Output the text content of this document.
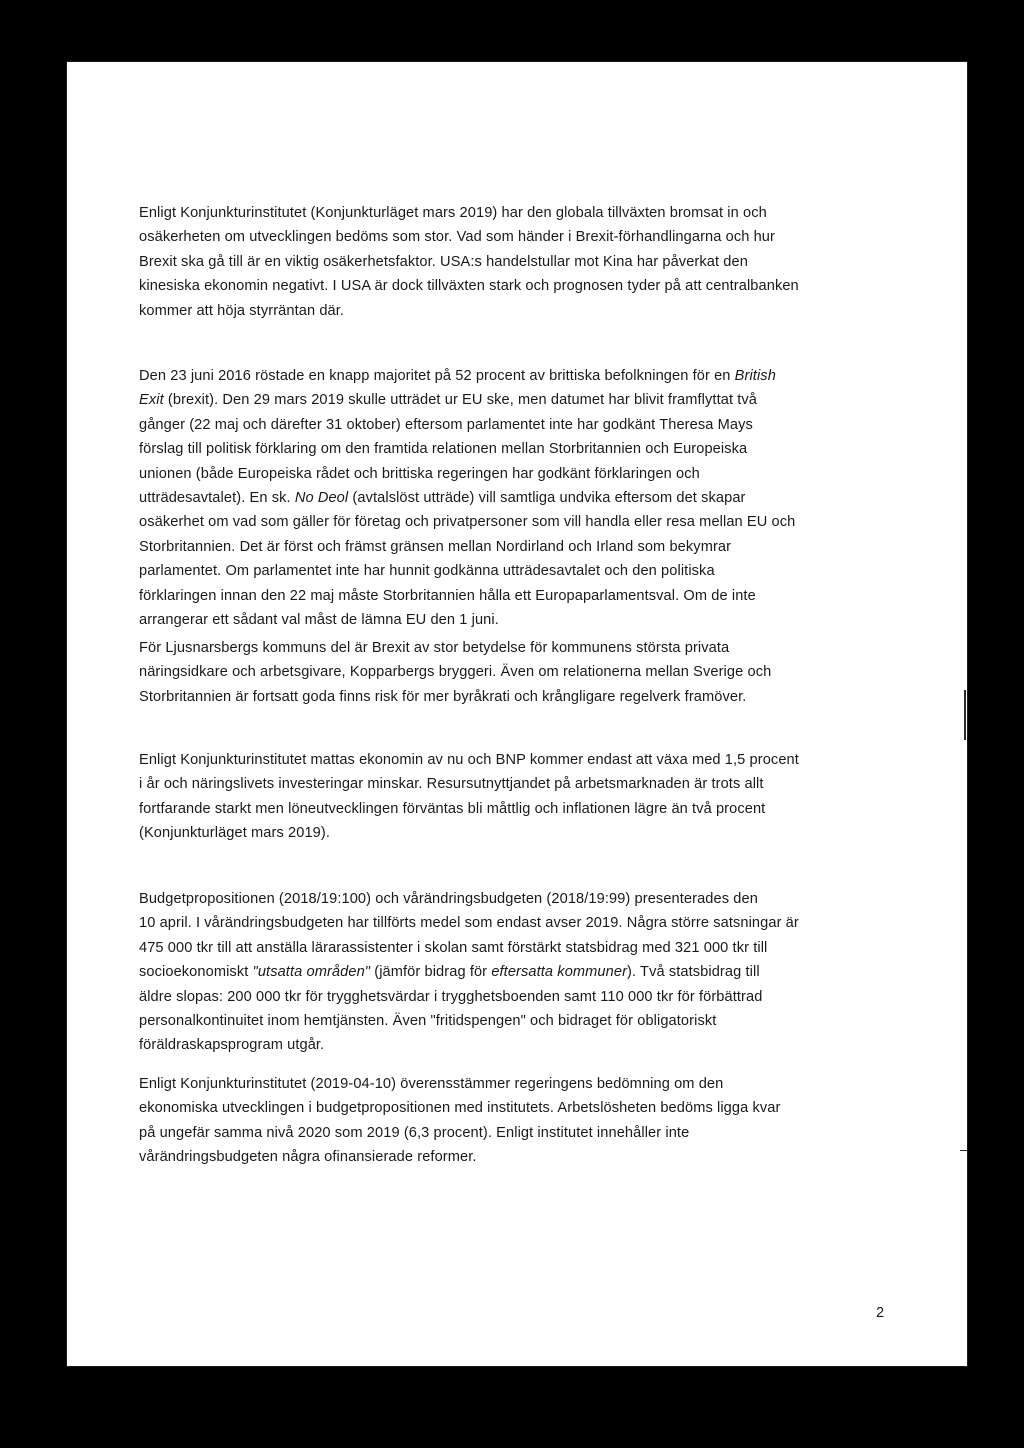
Enligt Konjunkturinstitutet (Konjunkturläget mars 2019) har den globala tillväxten bromsat in och
osäkerheten om utvecklingen bedöms som stor. Vad som händer i Brexit-förhandlingarna och hur
Brexit ska gå till är en viktig osäkerhetsfaktor. USA:s handelstullar mot Kina har påverkat den
kinesiska ekonomin negativt. I USA är dock tillväxten stark och prognosen tyder på att centralbanken
kommer att höja styrräntan där.

Den 23 juni 2016 röstade en knapp majoritet på 52 procent av brittiska befolkningen för en British
Exit (brexit). Den 29 mars 2019 skulle utträdet ur EU ske, men datumet har blivit framflyttat två
gånger (22 maj och därefter 31 oktober) eftersom parlamentet inte har godkänt Theresa Mays
förslag till politisk förklaring om den framtida relationen mellan Storbritannien och Europeiska
unionen (både Europeiska rådet och brittiska regeringen har godkänt förklaringen och
utträdesavtalet). En sk. No Deol (avtalslöst utträde) vill samtliga undvika eftersom det skapar
osäkerhet om vad som gäller för företag och privatpersoner som vill handla eller resa mellan EU och
Storbritannien. Det är först och främst gränsen mellan Nordirland och Irland som bekymrar
parlamentet. Om parlamentet inte har hunnit godkänna utträdesavtalet och den politiska
förklaringen innan den 22 maj måste Storbritannien hålla ett Europaparlamentsval. Om de inte
arrangerar ett sådant val måst de lämna EU den 1 juni.

För Ljusnarsbergs kommuns del är Brexit av stor betydelse för kommunens största privata
näringsidkare och arbetsgivare, Kopparbergs bryggeri. Även om relationerna mellan Sverige och
Storbritannien är fortsatt goda finns risk för mer byråkrati och krångligare regelverk framöver.

Enligt Konjunkturinstitutet mattas ekonomin av nu och BNP kommer endast att växa med 1,5 procent
i år och näringslivets investeringar minskar. Resursutnyttjandet på arbetsmarknaden är trots allt
fortfarande starkt men löneutvecklingen förväntas bli måttlig och inflationen lägre än två procent
(Konjunkturläget mars 2019).

Budgetpropositionen (2018/19:100) och vårändringsbudgeten (2018/19:99) presenterades den
10 april. I vårändringsbudgeten har tillförts medel som endast avser 2019. Några större satsningar är
475 000 tkr till att anställa lärarassistenter i skolan samt förstärkt statsbidrag med 321 000 tkr till
socioekonomiskt "utsatta områden" (jämför bidrag för eftersatta kommuner). Två statsbidrag till
äldre slopas: 200 000 tkr för trygghetsvärdar i trygghetsboenden samt 110 000 tkr för förbättrad
personalkontinuitet inom hemtjänsten. Även "fritidspengen" och bidraget för obligatoriskt
föräldraskapsprogram utgår.

Enligt Konjunkturinstitutet (2019-04-10) överensstämmer regeringens bedömning om den
ekonomiska utvecklingen i budgetpropositionen med institutets. Arbetslösheten bedöms ligga kvar
på ungefär samma nivå 2020 som 2019 (6,3 procent). Enligt institutet innehåller inte
vårändringsbudgeten några ofinansierade reformer.

2
